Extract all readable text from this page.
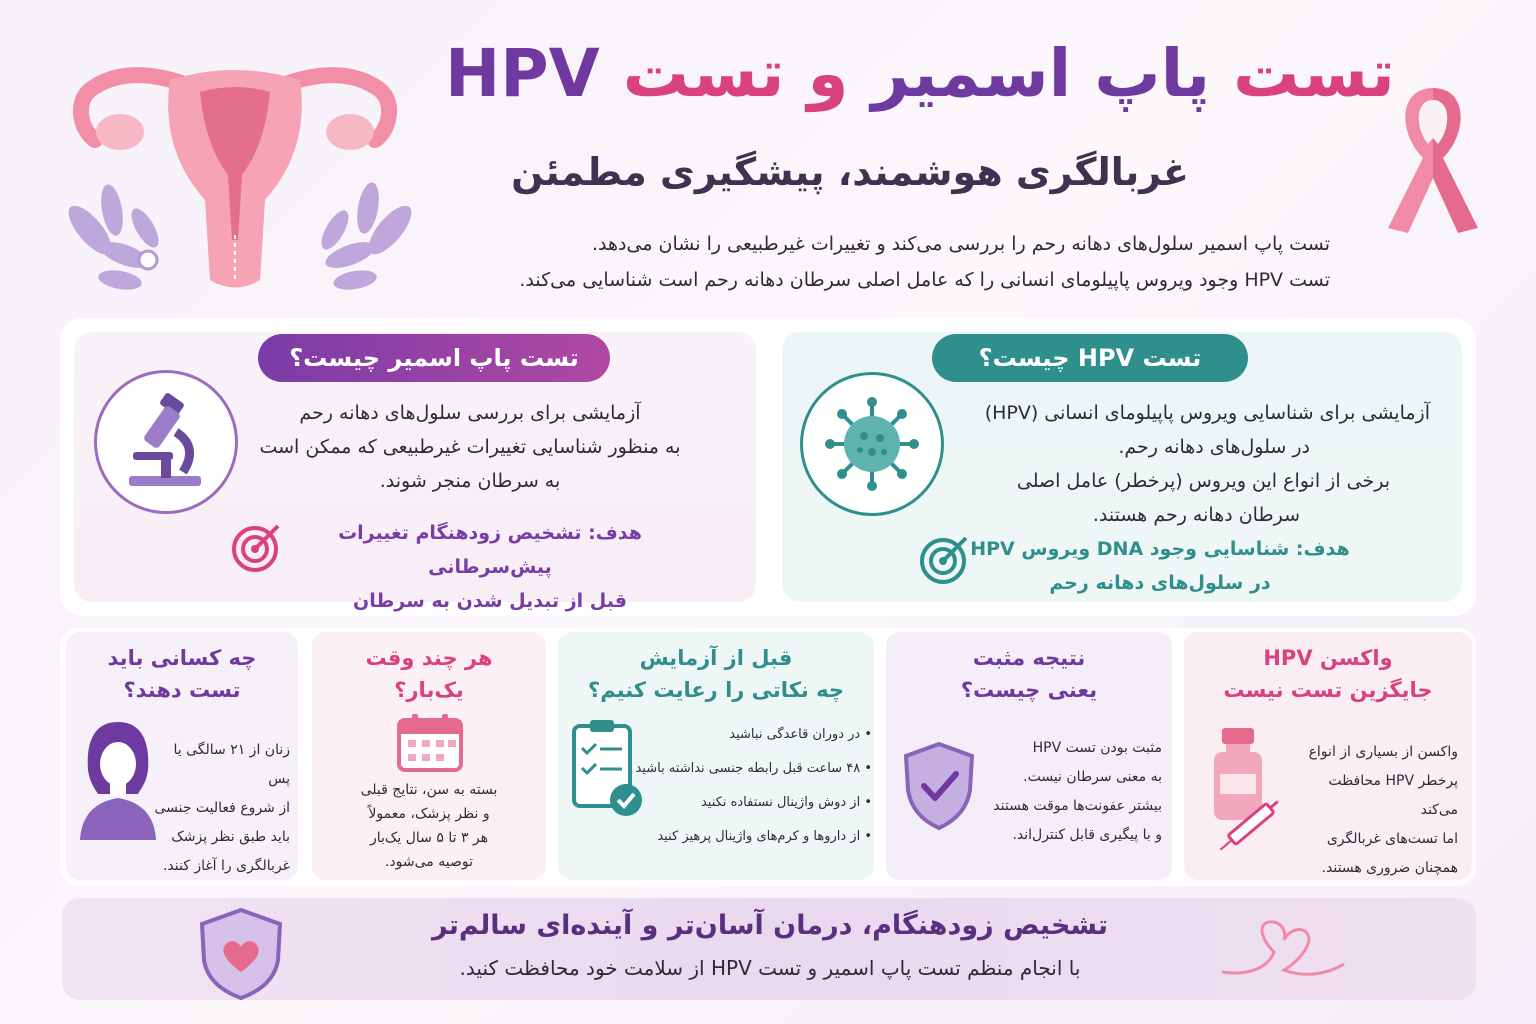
تست پاپ اسمیر و تست HPV
غربالگری هوشمند، پیشگیری مطمئن
تست پاپ اسمیر سلول‌های دهانه رحم را بررسی می‌کند و تغییرات غیرطبیعی را نشان می‌دهد.
تست HPV وجود ویروس پاپیلومای انسانی را که عامل اصلی سرطان دهانه رحم است شناسایی می‌کند.
تست پاپ اسمیر چیست؟	تست HPV چیست؟
آزمایشی برای بررسی سلول‌های دهانه رحم
به منظور شناسایی تغییرات غیرطبیعی که ممکن است
به سرطان منجر شوند.
آزمایشی برای شناسایی ویروس پاپیلومای انسانی (HPV)
در سلول‌های دهانه رحم.
برخی از انواع این ویروس (پرخطر) عامل اصلی
سرطان دهانه رحم هستند.
هدف: تشخیص زودهنگام تغییرات پیش‌سرطانی
قبل از تبدیل شدن به سرطان
هدف: شناسایی وجود DNA ویروس HPV
در سلول‌های دهانه رحم
واکسن HPV
جایگزین تست نیست
واکسن از بسیاری از انواع
پرخطر HPV محافظت می‌کند
اما تست‌های غربالگری
همچنان ضروری هستند.
نتیجه مثبت
یعنی چیست؟
مثبت بودن تست HPV
به معنی سرطان نیست.
بیشتر عفونت‌ها موقت هستند
و با پیگیری قابل کنترل‌اند.
قبل از آزمایش
چه نکاتی را رعایت کنیم؟
• در دوران قاعدگی نباشید
• ۴۸ ساعت قبل رابطه جنسی نداشته باشید
• از دوش واژینال نستفاده نکنید
• از داروها و کرم‌های واژینال پرهیز کنید
هر چند وقت
یک‌بار؟
بسته به سن، نتایج قبلی
و نظر پزشک، معمولاً
هر ۳ تا ۵ سال یک‌بار
توصیه می‌شود.
چه کسانی باید
تست دهند؟
زنان از ۲۱ سالگی یا پس
از شروع فعالیت جنسی
باید طبق نظر پزشک
غربالگری را آغاز کنند.
تشخیص زودهنگام، درمان آسان‌تر و آینده‌ای سالم‌تر
با انجام منظم تست پاپ اسمیر و تست HPV از سلامت خود محافظت کنید.
